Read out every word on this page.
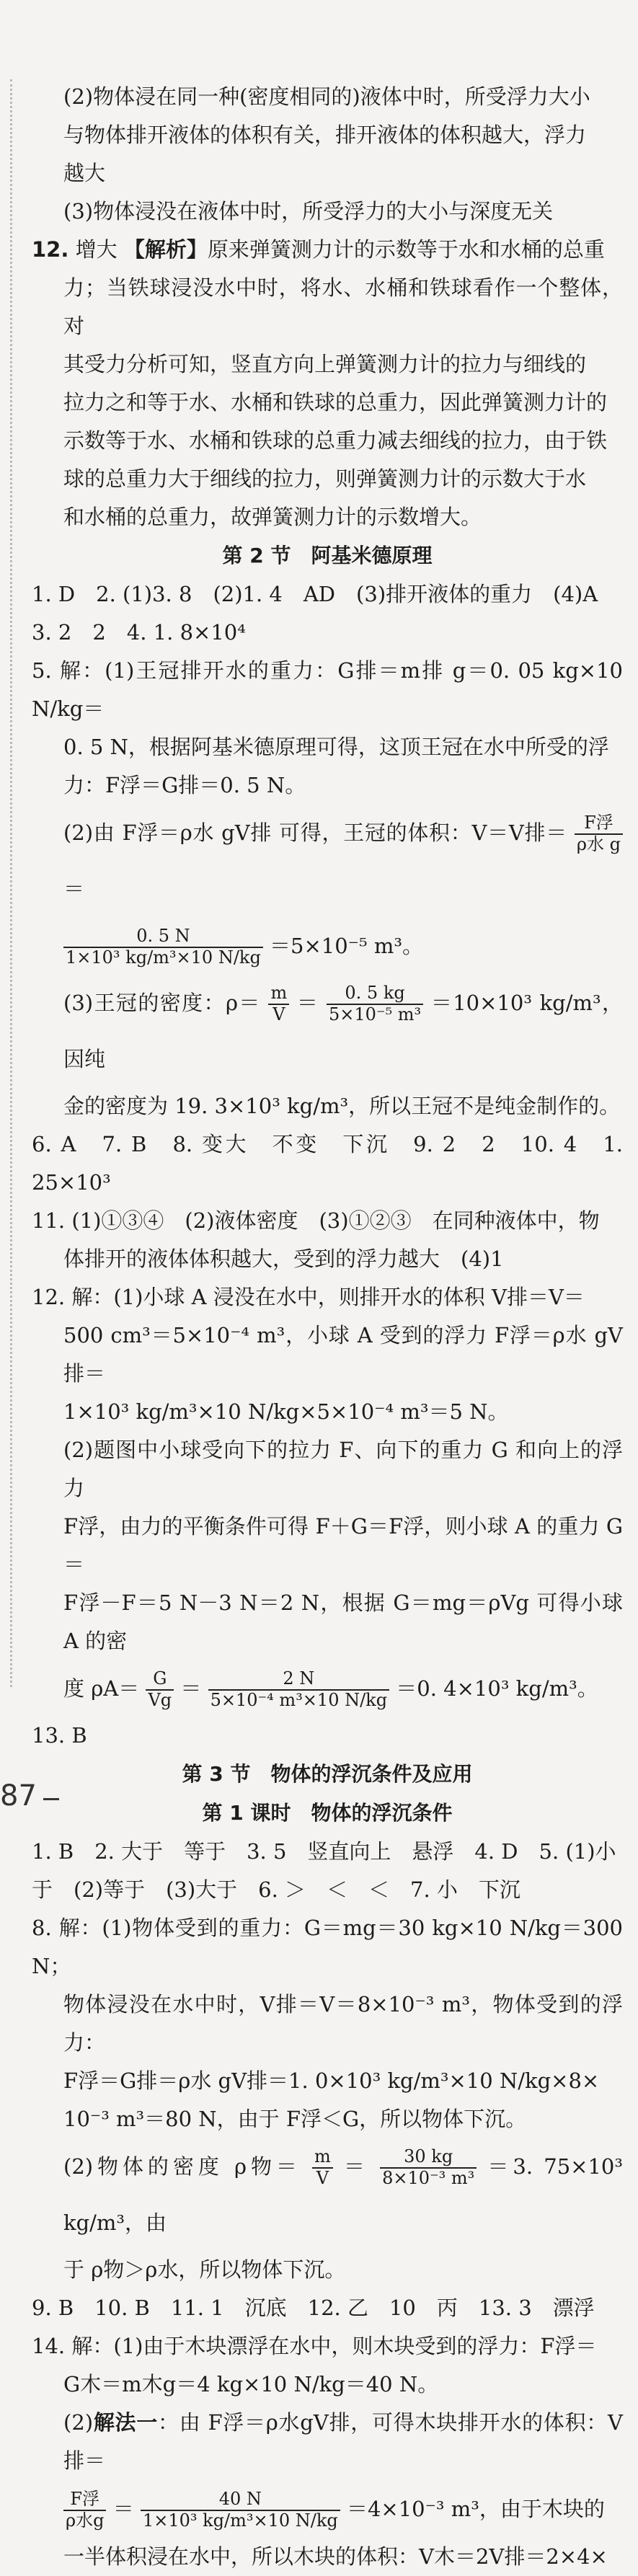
(2)物体浸在同一种(密度相同的)液体中时，所受浮力大小

与物体排开液体的体积有关，排开液体的体积越大，浮力

越大

(3)物体浸没在液体中时，所受浮力的大小与深度无关

12. 增大 【解析】原来弹簧测力计的示数等于水和水桶的总重

力；当铁球浸没水中时，将水、水桶和铁球看作一个整体，对

其受力分析可知，竖直方向上弹簧测力计的拉力与细线的

拉力之和等于水、水桶和铁球的总重力，因此弹簧测力计的

示数等于水、水桶和铁球的总重力减去细线的拉力，由于铁

球的总重力大于细线的拉力，则弹簧测力计的示数大于水

和水桶的总重力，故弹簧测力计的示数增大。

第 2 节　阿基米德原理

1. D　2. (1)3. 8　(2)1. 4　AD　(3)排开液体的重力　(4)A

3. 2　2　4. 1. 8×10⁴

5. 解：(1)王冠排开水的重力：G排＝m排 g＝0. 05 kg×10 N/kg＝

0. 5 N，根据阿基米德原理可得，这顶王冠在水中所受的浮

力：F浮＝G排＝0. 5 N。

(2)由 F浮＝ρ水 gV排 可得，王冠的体积：V＝V排＝ $\frac{\text{F浮}}{\text{ρ水 g}}$
＝

$\frac{0. 5 N}{\text{1×10³ kg/m³×10 N/kg}} =5\times 10^{-5}$ m³。

(3)王冠的密度：$\rho= \frac{m}{V} = \frac{0. 5 kg}{\text{5×10⁻⁵ m³}} =10\times 10^3$ kg/m³，因纯

金的密度为 19. 3×10³ kg/m³，所以王冠不是纯金制作的。

6. A　7. B　8. 变大　不变　下沉　9. 2　2　10. 4　1. 25×10³

11. (1)①③④　(2)液体密度　(3)①②③　在同种液体中，物

体排开的液体体积越大，受到的浮力越大　(4)1

12. 解：(1)小球 A 浸没在水中，则排开水的体积 V排＝V＝

500 cm³＝5×10⁻⁴ m³，小球 A 受到的浮力 F浮＝ρ水 gV排＝

1×10³ kg/m³×10 N/kg×5×10⁻⁴ m³＝5 N。

(2)题图中小球受向下的拉力 F、向下的重力 G 和向上的浮力

F浮，由力的平衡条件可得 F＋G＝F浮，则小球 A 的重力 G＝

F浮－F＝5 N－3 N＝2 N，根据 G＝mg＝ρVg 可得小球 A 的密

度 $\rho A= \frac{G}{Vg} = \frac{2 N}{\text{5×10⁻⁴ m³×10 N/kg}} =0$. 4×10³ kg/m³。

13. B

第 3 节　物体的浮沉条件及应用

第 1 课时　物体的浮沉条件

1. B　2. 大于　等于　3. 5　竖直向上　悬浮　4. D　5. (1)小

于　(2)等于　(3)大于　6. ＞　＜　＜　7. 小　下沉

8. 解：(1)物体受到的重力：G＝mg＝30 kg×10 N/kg＝300 N；

物体浸没在水中时，V排＝V＝8×10⁻³ m³，物体受到的浮力：

F浮＝G排＝ρ水 gV排＝1. 0×10³ kg/m³×10 N/kg×8×

10⁻³ m³＝80 N，由于 F浮＜G，所以物体下沉。

(2)物体的密度 ρ物＝ $\frac{m}{V} = \frac{30 kg}{\text{8×10⁻³ m³}} =3$. 75×10³ kg/m³，由

于 ρ物＞ρ水，所以物体下沉。

9. B　10. B　11. 1　沉底　12. 乙　10　丙　13. 3　漂浮

14. 解：(1)由于木块漂浮在水中，则木块受到的浮力：F浮＝

G木＝m木g＝4 kg×10 N/kg＝40 N。

(2)解法一：由 F浮＝ρ水gV排，可得木块排开水的体积：V排＝

$\frac{\text{F浮}}{\text{ρ水g}} = \frac{40 N}{\text{1×10³ kg/m³×10 N/kg}} =4\times 10^{-3}$ m³，由于木块的

一半体积浸在水中，所以木块的体积：V木＝2V排＝2×4×

87
